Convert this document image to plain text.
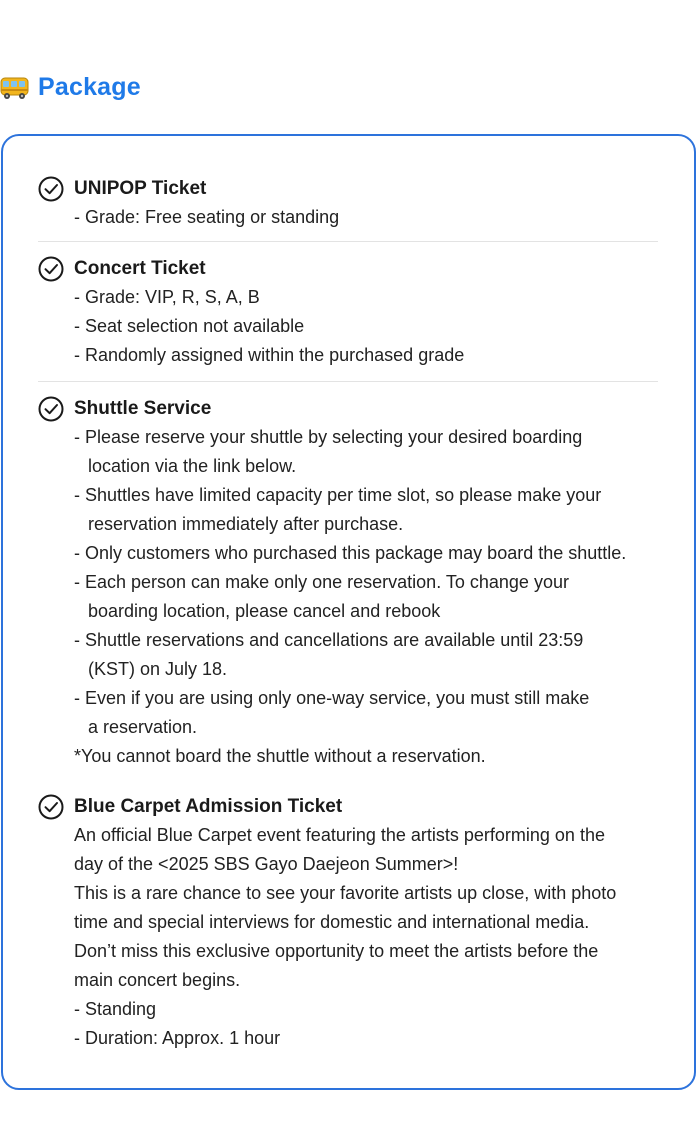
Package
UNIPOP Ticket
- Grade: Free seating or standing
Concert Ticket
- Grade: VIP, R, S, A, B
- Seat selection not available
- Randomly assigned within the purchased grade
Shuttle Service
- Please reserve your shuttle by selecting your desired boarding
location via the link below.
- Shuttles have limited capacity per time slot, so please make your
reservation immediately after purchase.
- Only customers who purchased this package may board the shuttle.
- Each person can make only one reservation. To change your
boarding location, please cancel and rebook
- Shuttle reservations and cancellations are available until 23:59
(KST) on July 18.
- Even if you are using only one-way service, you must still make
a reservation.
*You cannot board the shuttle without a reservation.
Blue Carpet Admission Ticket
An official Blue Carpet event featuring the artists performing on the
day of the <2025 SBS Gayo Daejeon Summer>!
This is a rare chance to see your favorite artists up close, with photo
time and special interviews for domestic and international media.
Don’t miss this exclusive opportunity to meet the artists before the
main concert begins.
- Standing
- Duration: Approx. 1 hour
